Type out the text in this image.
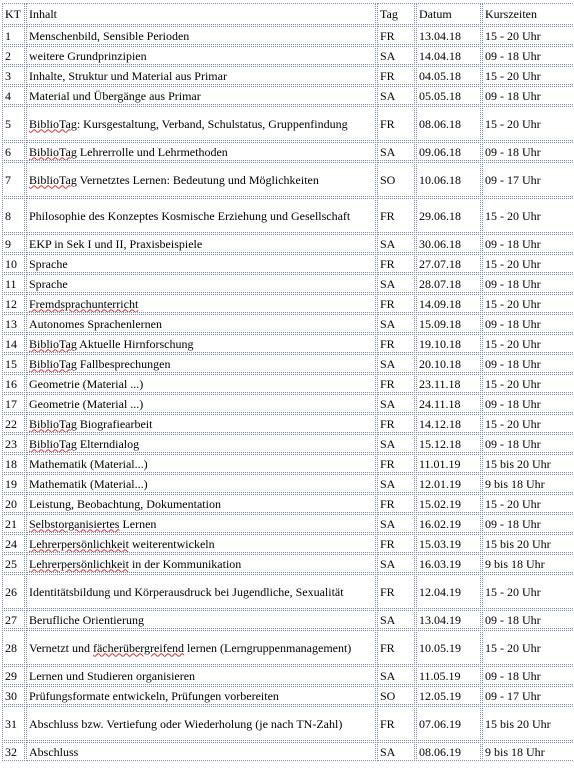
KT	Inhalt	Tag	Datum	Kurszeiten
1	Menschenbild, Sensible Perioden	FR	13.04.18	15 - 20 Uhr
2	weitere Grundprinzipien	SA	14.04.18	09 - 18 Uhr
3	Inhalte, Struktur und Material aus Primar	FR	04.05.18	15 - 20 Uhr
4	Material und Übergänge aus Primar	SA	05.05.18	09 - 18 Uhr
5	BiblioTag: Kursgestaltung, Verband, Schulstatus, Gruppenfindung	FR	08.06.18	15 - 20 Uhr
6	BiblioTag Lehrerrolle und Lehrmethoden	SA	09.06.18	09 - 18 Uhr
7	BiblioTag Vernetztes Lernen: Bedeutung und Möglichkeiten	SO	10.06.18	09 - 17 Uhr
8	Philosophie des Konzeptes Kosmische Erziehung und Gesellschaft	FR	29.06.18	15 - 20 Uhr
9	EKP in Sek I und II, Praxisbeispiele	SA	30.06.18	09 - 18 Uhr
10	Sprache	FR	27.07.18	15 - 20 Uhr
11	Sprache	SA	28.07.18	09 - 18 Uhr
12	Fremdsprachunterricht	FR	14.09.18	15 - 20 Uhr
13	Autonomes Sprachenlernen	SA	15.09.18	09 - 18 Uhr
14	BiblioTag Aktuelle Hirnforschung	FR	19.10.18	15 - 20 Uhr
15	BiblioTag Fallbesprechungen	SA	20.10.18	09 - 18 Uhr
16	Geometrie (Material ...)	FR	23.11.18	15 - 20 Uhr
17	Geometrie (Material ...)	SA	24.11.18	09 - 18 Uhr
22	BiblioTag Biografiearbeit	FR	14.12.18	15 - 20 Uhr
23	BiblioTag Elterndialog	SA	15.12.18	09 - 18 Uhr
18	Mathematik (Material...)	FR	11.01.19	15 bis 20 Uhr
19	Mathematik (Material...)	SA	12.01.19	9 bis 18 Uhr
20	Leistung, Beobachtung, Dokumentation	FR	15.02.19	15 - 20 Uhr
21	Selbstorganisiertes Lernen	SA	16.02.19	09 - 18 Uhr
24	Lehrerpersönlichkeit weiterentwickeln	FR	15.03.19	15 bis 20 Uhr
25	Lehrerpersönlichkeit in der Kommunikation	SA	16.03.19	9 bis 18 Uhr
26	Identitätsbildung und Körperausdruck bei Jugendliche, Sexualität	FR	12.04.19	15 - 20 Uhr
27	Berufliche Orientierung	SA	13.04.19	09 - 18 Uhr
28	Vernetzt und fächerübergreifend lernen (Lerngruppenmanagement)	FR	10.05.19	15 - 20 Uhr
29	Lernen und Studieren organisieren	SA	11.05.19	09 - 18 Uhr
30	Prüfungsformate entwickeln, Prüfungen vorbereiten	SO	12.05.19	09 - 17 Uhr
31	Abschluss bzw. Vertiefung oder Wiederholung (je nach TN-Zahl)	FR	07.06.19	15 bis 20 Uhr
32	Abschluss	SA	08.06.19	9 bis 18 Uhr
